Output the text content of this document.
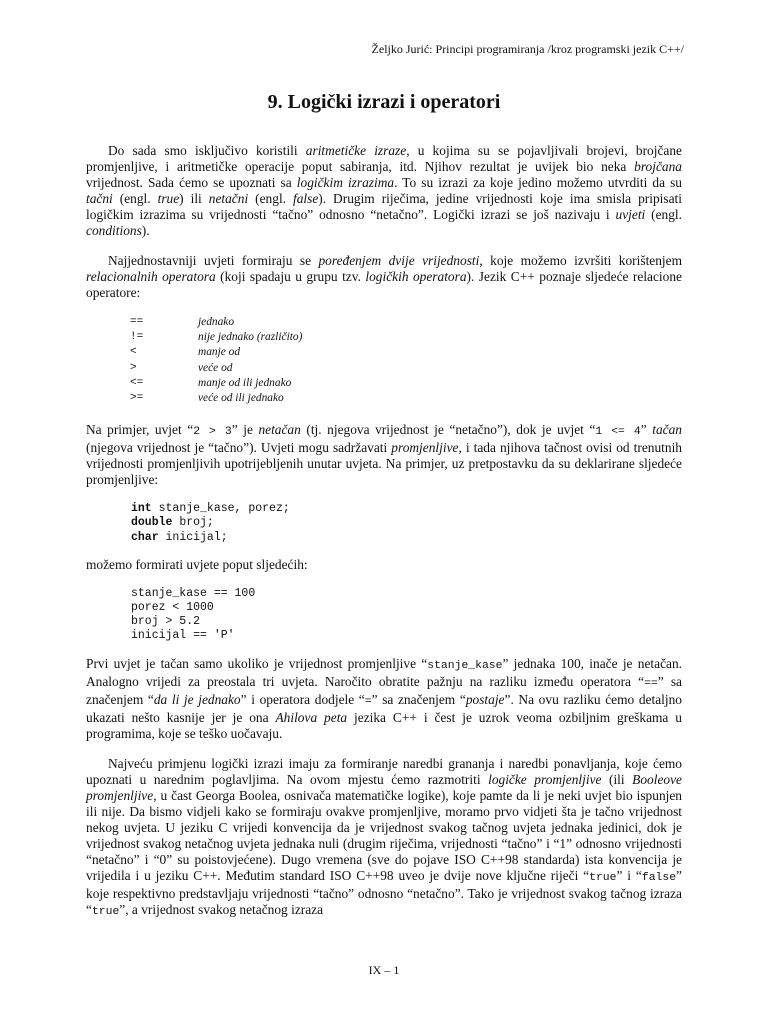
Željko Jurić: Principi programiranja /kroz programski jezik C++/
9. Logički izrazi i operatori

Do sada smo isključivo koristili aritmetičke izraze, u kojima su se pojavljivali brojevi, brojčane promjenljive, i aritmetičke operacije poput sabiranja, itd. Njihov rezultat je uvijek bio neka brojčana vrijednost. Sada ćemo se upoznati sa logičkim izrazima. To su izrazi za koje jedino možemo utvrditi da su tačni (engl. true) ili netačni (engl. false). Drugim riječima, jedine vrijednosti koje ima smisla pripisati logičkim izrazima su vrijednosti “tačno” odnosno “netačno”. Logički izrazi se još nazivaju i uvjeti (engl. conditions).

Najjednostavniji uvjeti formiraju se poređenjem dvije vrijednosti, koje možemo izvršiti korištenjem relacionalnih operatora (koji spadaju u grupu tzv. logičkih operatora). Jezik C++ poznaje sljedeće relacione operatore:

==	jednako
!=	nije jednako (različito)
<	manje od
>	veće od
<=	manje od ili jednako
>=	veće od ili jednako

Na primjer, uvjet “2 > 3” je netačan (tj. njegova vrijednost je “netačno”), dok je uvjet “1 <= 4” tačan (njegova vrijednost je “tačno”). Uvjeti mogu sadržavati promjenljive, i tada njihova tačnost ovisi od trenutnih vrijednosti promjenljivih upotrijebljenih unutar uvjeta. Na primjer, uz pretpostavku da su deklarirane sljedeće promjenljive:

int stanje_kase, porez;
double broj;
char inicijal;

možemo formirati uvjete poput sljedećih:

stanje_kase == 100
porez < 1000
broj > 5.2
inicijal == 'P'

Prvi uvjet je tačan samo ukoliko je vrijednost promjenljive “stanje_kase” jednaka 100, inače je netačan. Analogno vrijedi za preostala tri uvjeta. Naročito obratite pažnju na razliku između operatora “==” sa značenjem “da li je jednako” i operatora dodjele “=” sa značenjem “postaje”. Na ovu razliku ćemo detaljno ukazati nešto kasnije jer je ona Ahilova peta jezika C++ i čest je uzrok veoma ozbiljnim greškama u programima, koje se teško uočavaju.

Najveću primjenu logički izrazi imaju za formiranje naredbi grananja i naredbi ponavljanja, koje ćemo upoznati u narednim poglavljima. Na ovom mjestu ćemo razmotriti logičke promjenljive (ili Booleove promjenljive, u čast Georga Boolea, osnivača matematičke logike), koje pamte da li je neki uvjet bio ispunjen ili nije. Da bismo vidjeli kako se formiraju ovakve promjenljive, moramo prvo vidjeti šta je tačno vrijednost nekog uvjeta. U jeziku C vrijedi konvencija da je vrijednost svakog tačnog uvjeta jednaka jedinici, dok je vrijednost svakog netačnog uvjeta jednaka nuli (drugim riječima, vrijednosti “tačno” i “1” odnosno vrijednosti “netačno” i “0” su poistovjećene). Dugo vremena (sve do pojave ISO C++98 standarda) ista konvencija je vrijedila i u jeziku C++. Međutim standard ISO C++98 uveo je dvije nove ključne riječi “true” i “false” koje respektivno predstavljaju vrijednosti “tačno” odnosno “netačno”. Tako je vrijednost svakog tačnog izraza “true”, a vrijednost svakog netačnog izraza

IX – 1
